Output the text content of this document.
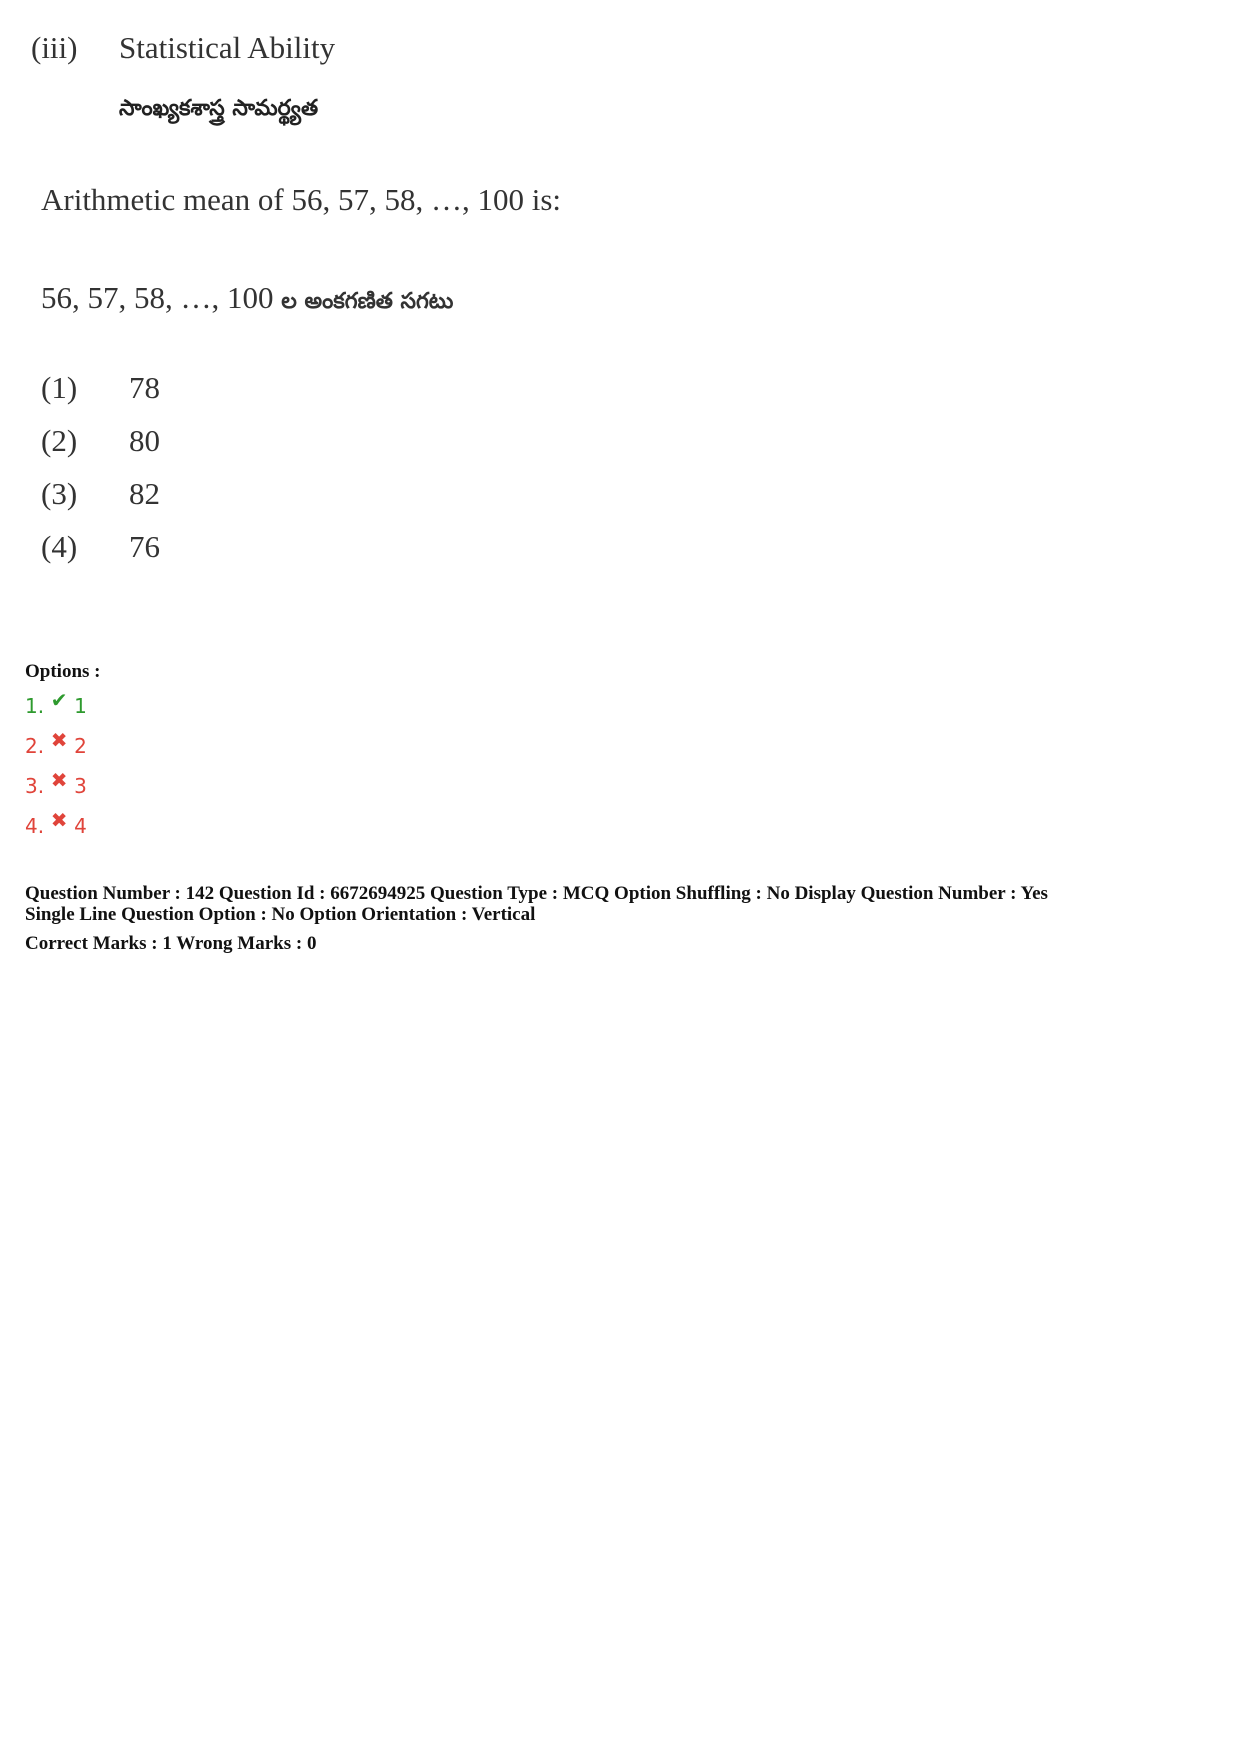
(iii) Statistical Ability
సాంఖ్యకశాస్త్ర సామర్థ్యత
Arithmetic mean of 56, 57, 58, …, 100 is:
56, 57, 58, …, 100 ల అంకగణిత సగటు
(1) 78
(2) 80
(3) 82
(4) 76
Options :
1. ✔ 1
2. ✖ 2
3. ✖ 3
4. ✖ 4
Question Number : 142 Question Id : 6672694925 Question Type : MCQ Option Shuffling : No Display Question Number : Yes
Single Line Question Option : No Option Orientation : Vertical
Correct Marks : 1 Wrong Marks : 0
